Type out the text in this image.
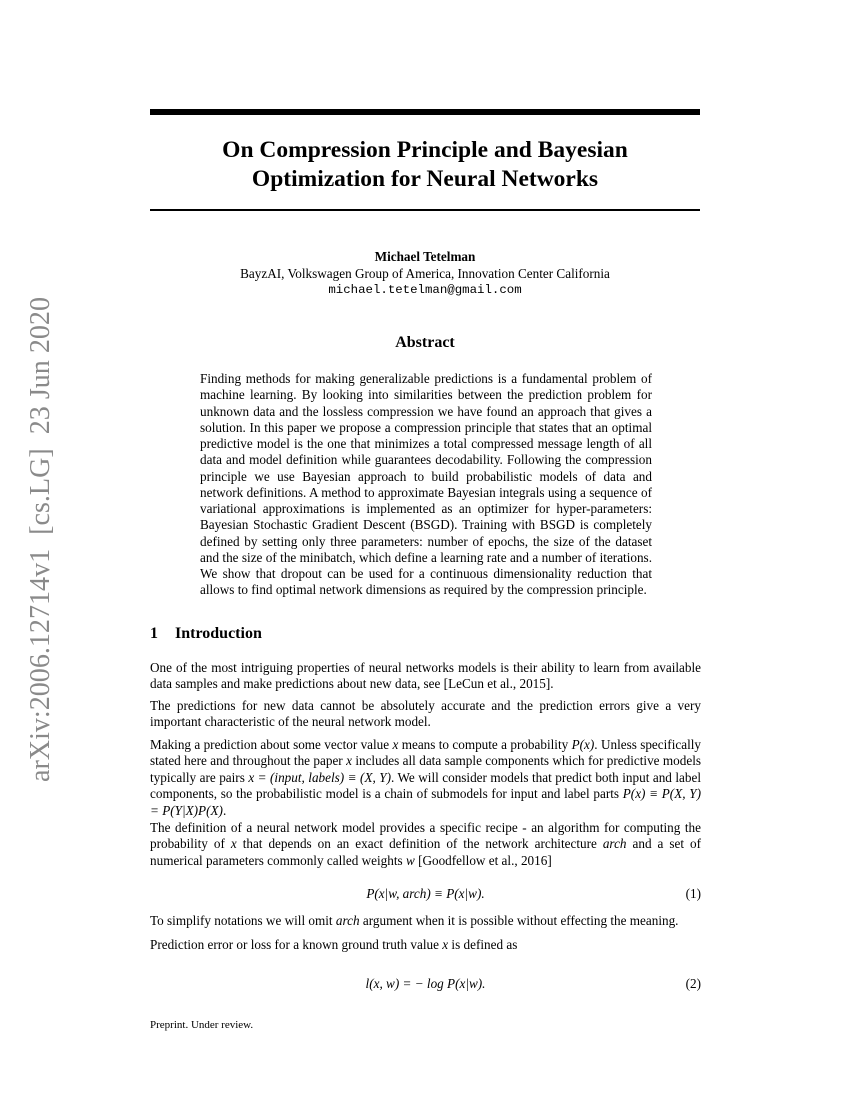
On Compression Principle and Bayesian
Optimization for Neural Networks
Michael Tetelman
BayzAI, Volkswagen Group of America, Innovation Center California
michael.tetelman@gmail.com
arXiv:2006.12714v1  [cs.LG]  23 Jun 2020	Abstract
Finding methods for making generalizable predictions is a fundamental problem of machine learning. By looking into similarities between the prediction problem for unknown data and the lossless compression we have found an approach that gives a solution. In this paper we propose a compression principle that states that an optimal predictive model is the one that minimizes a total compressed message length of all data and model definition while guarantees decodability. Following the compression principle we use Bayesian approach to build probabilistic models of data and network definitions. A method to approximate Bayesian integrals using a sequence of variational approximations is implemented as an optimizer for hyper-parameters: Bayesian Stochastic Gradient Descent (BSGD). Training with BSGD is completely defined by setting only three parameters: number of epochs, the size of the dataset and the size of the minibatch, which define a learning rate and a number of iterations. We show that dropout can be used for a continuous dimensionality reduction that allows to find optimal network dimensions as required by the compression principle.
1 Introduction
One of the most intriguing properties of neural networks models is their ability to learn from available data samples and make predictions about new data, see [LeCun et al., 2015].
The predictions for new data cannot be absolutely accurate and the prediction errors give a very important characteristic of the neural network model.
Making a prediction about some vector value x means to compute a probability P(x). Unless specifically stated here and throughout the paper x includes all data sample components which for predictive models typically are pairs x = (input, labels) ≡ (X, Y). We will consider models that predict both input and label components, so the probabilistic model is a chain of submodels for input and label parts P(x) ≡ P(X, Y) = P(Y|X)P(X).
The definition of a neural network model provides a specific recipe - an algorithm for computing the probability of x that depends on an exact definition of the network architecture arch and a set of numerical parameters commonly called weights w [Goodfellow et al., 2016]
P(x|w, arch) ≡ P(x|w).	(1)
To simplify notations we will omit arch argument when it is possible without effecting the meaning.
Prediction error or loss for a known ground truth value x is defined as
l(x, w) = − log P(x|w).	(2)
Preprint. Under review.
